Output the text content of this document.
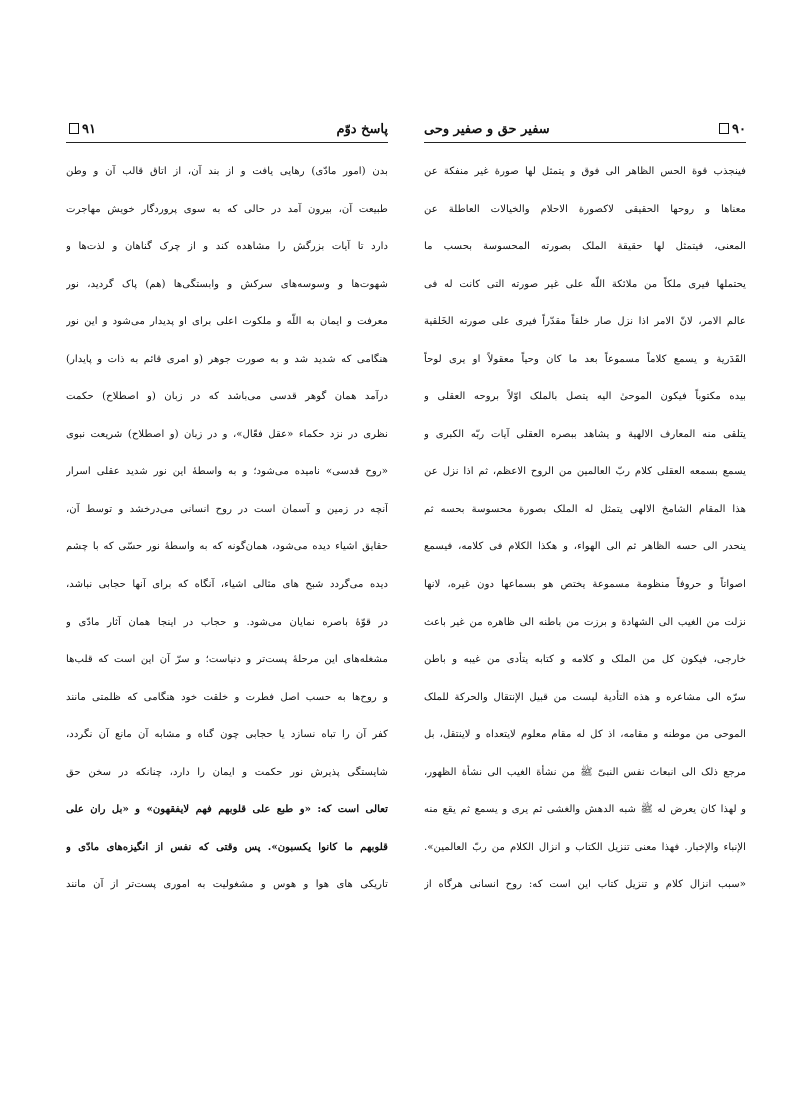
پاسخ دوّم
۹۱
بدن (امور مادّی) رهایی یافت و از بند آن، از اتاق قالب آن و وطن
طبیعت آن، بیرون آمد در حالی که به سوی پروردگار خویش مهاجرت
دارد تا آیات بزرگش را مشاهده کند و از چرک گناهان و لذت‌ها و
شهوت‌ها و وسوسه‌های سرکش و وابستگی‌ها (هم) پاک گردید، نور
معرفت و ایمان به اللّه و ملکوت اعلی برای او پدیدار می‌شود و این نور
هنگامی که شدید شد و به صورت جوهر (و امری قائم به ذات و پایدار)
درآمد همان گوهر قدسی می‌باشد که در زبان (و اصطلاح) حکمت
نظری در نزد حکماء «عقل فعّال»، و در زبان (و اصطلاح) شریعت نبوی
«روح قدسی» نامیده می‌شود؛ و به واسطهٔ این نور شدید عقلی اسرار
آنچه در زمین و آسمان است در روح انسانی می‌درخشد و توسط آن،
حقایق اشیاء دیده می‌شود، همان‌گونه که به واسطهٔ نور حسّی که با چشم
دیده می‌گردد شبح های مثالی اشیاء، آنگاه که برای آنها حجابی نباشد،
در قوّهٔ باصره نمایان می‌شود. و حجاب در اینجا همان آثار مادّی و
مشغله‌های این مرحلهٔ پست‌تر و دنیاست؛ و سرّ آن این است که قلب‌ها
و روح‌ها به حسب اصل فطرت و خلقت خود هنگامی که ظلمتی مانند
کفر آن را تباه نسازد یا حجابی چون گناه و مشابه آن مانع آن نگردد،
شایستگی پذیرش نور حکمت و ایمان را دارد، چنانکه در سخن حق
تعالی است که: «و طبع علی قلوبهم فهم لایفقهون» و «بل ران علی
قلوبهم ما کانوا یکسبون». پس وقتی که نفس از انگیزه‌های مادّی و
تاریکی های هوا و هوس و مشغولیت به اموری پست‌تر از آن مانند
۹۰
سفیر حق و صفیر وحی
فینجذب قوة الحس الظاهر الی فوق و یتمثل لها صورة غیر منفکة عن
معناها و روحها الحقیقی لاکصورة الاحلام والخیالات العاطلة عن
المعنی، فیتمثل لها حقیقة الملک بصورته المحسوسة بحسب ما
یحتملها فیری ملکاً من ملائکة اللّه علی غیر صورته التی کانت له فی
عالم الامر، لانّ الامر اذا نزل صار خلقاً مقدّراً فیری علی صورته الخَلقیة
القَدَریة و یسمع کلاماً مسموعاً بعد ما کان وحیاً معقولاً او یری لوحاً
بیده مکتوباً فیکون الموحیٰ الیه یتصل بالملک اوّلاً بروحه العقلی و
یتلقی منه المعارف الالهیة و یشاهد ببصره العقلی آیات ربّه الکبری و
یسمع بسمعه العقلی کلام ربّ العالمین من الروح الاعظم، ثم اذا نزل عن
هذا المقام الشامخ الالهی یتمثل له الملک بصورة محسوسة بحسه ثم
ینحدر الی حسه الظاهر ثم الی الهواء، و هکذا الکلام فی کلامه، فیسمع
اصواتاً و حروفاً منظومة مسموعة یختص هو بسماعها دون غیره، لانها
نزلت من الغیب الی الشهادة و برزت من باطنه الی ظاهره من غیر باعث
خارجی، فیکون کل من الملک و کلامه و کتابه یتأدی من غیبه و باطن
سرّه الی مشاعره و هذه التأدیة لیست من قبیل الإنتقال والحرکة للملک
الموحی من موطنه و مقامه، اذ کل له مقام معلوم لایتعداه و لاینتقل، بل
مرجع ذلک الی انبعاث نفس النبیّ ﷺ من نشأة الغیب الی نشأة الظهور،
و لهذا کان یعرض له ﷺ شبه الدهش والغشی ثم یری و یسمع ثم یقع منه
الإنباء والإخبار. فهذا معنی تنزیل الکتاب و انزال الکلام من ربّ العالمین».
«سبب انزال کلام و تنزیل کتاب این است که: روح انسانی هرگاه از
